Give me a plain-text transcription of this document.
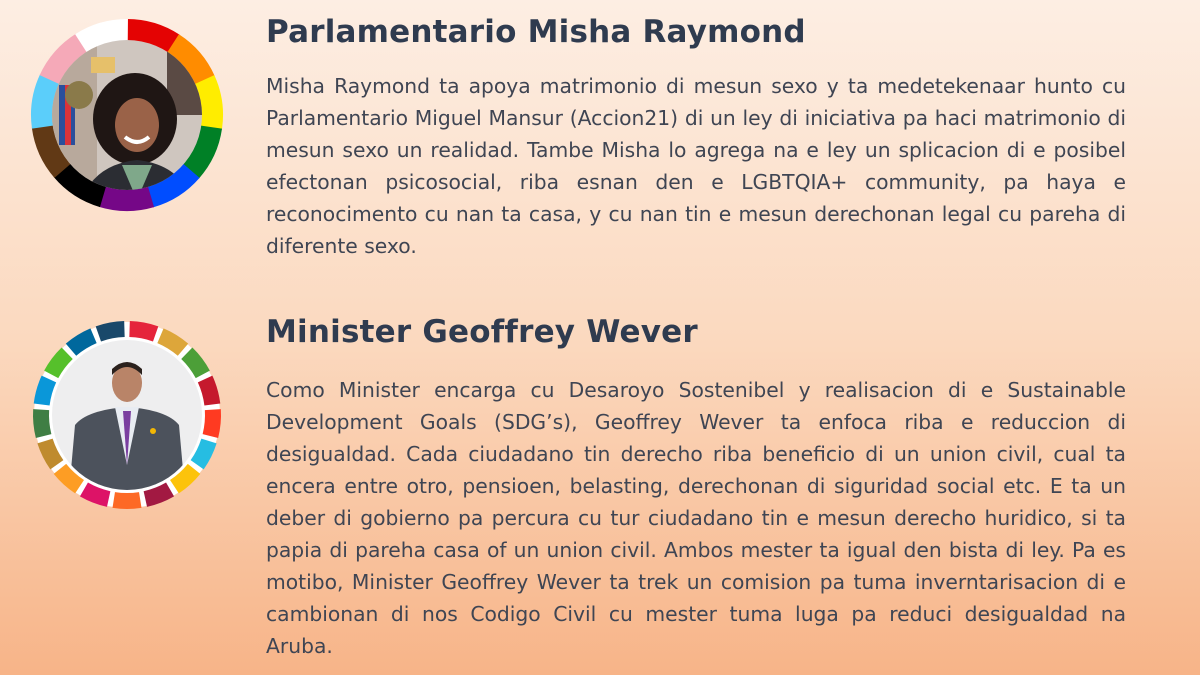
Parlamentario Misha Raymond

Misha Raymond ta apoya matrimonio di mesun sexo y ta medetekenaar hunto cu Parlamentario Miguel Mansur (Accion21) di un ley di iniciativa pa haci matrimonio di mesun sexo un realidad. Tambe Misha lo agrega na e ley un splicacion di e posibel efectonan psicosocial, riba esnan den e LGBTQIA+ community, pa haya e reconocimento cu nan ta casa, y cu nan tin e mesun derechonan legal cu pareha di diferente sexo.

Minister Geoffrey Wever

Como Minister encarga cu Desaroyo Sostenibel y realisacion di e Sustainable Development Goals (SDG’s), Geoffrey Wever ta enfoca riba e reduccion di desigualdad. Cada ciudadano tin derecho riba beneficio di un union civil, cual ta encera entre otro, pensioen, belasting, derechonan di siguridad social etc. E ta un deber di gobierno pa percura cu tur ciudadano tin e mesun derecho huridico, si ta papia di pareha casa of un union civil. Ambos mester ta igual den bista di ley. Pa es motibo, Minister Geoffrey Wever ta trek un comision pa tuma inverntarisacion di e cambionan di nos Codigo Civil cu mester tuma luga pa reduci desigualdad na Aruba.
